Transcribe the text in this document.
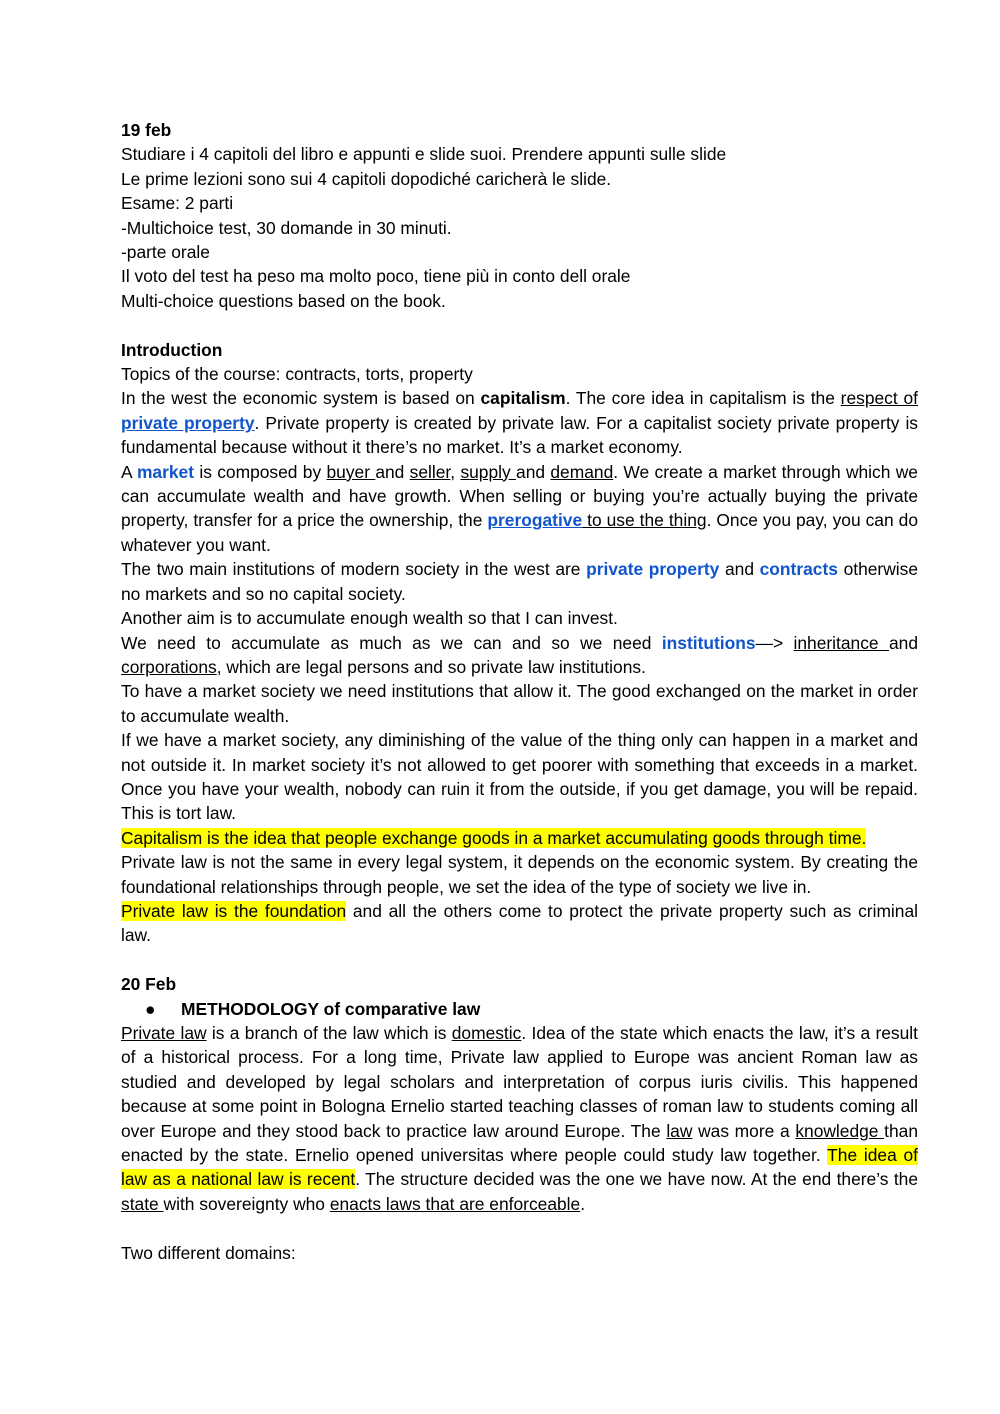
19 feb
Studiare i 4 capitoli del libro e appunti e slide suoi. Prendere appunti sulle slide
Le prime lezioni sono sui 4 capitoli dopodiché caricherà le slide.
Esame: 2 parti
-Multichoice test, 30 domande in 30 minuti.
-parte orale
Il voto del test ha peso ma molto poco, tiene più in conto dell orale
Multi-choice questions based on the book.
Introduction
Topics of the course: contracts, torts, property
In the west the economic system is based on capitalism. The core idea in capitalism is the respect of private property. Private property is created by private law. For a capitalist society private property is fundamental because without it there’s no market. It’s a market economy.
A market is composed by buyer and seller, supply and demand. We create a market through which we can accumulate wealth and have growth. When selling or buying you’re actually buying the private property, transfer for a price the ownership, the prerogative to use the thing. Once you pay, you can do whatever you want.
The two main institutions of modern society in the west are private property and contracts otherwise no markets and so no capital society.
Another aim is to accumulate enough wealth so that I can invest.
We need to accumulate as much as we can and so we need institutions—> inheritance and corporations, which are legal persons and so private law institutions.
To have a market society we need institutions that allow it. The good exchanged on the market in order to accumulate wealth.
If we have a market society, any diminishing of the value of the thing only can happen in a market and not outside it. In market society it’s not allowed to get poorer with something that exceeds in a market. Once you have your wealth, nobody can ruin it from the outside, if you get damage, you will be repaid. This is tort law.
Capitalism is the idea that people exchange goods in a market accumulating goods through time.
Private law is not the same in every legal system, it depends on the economic system. By creating the foundational relationships through people, we set the idea of the type of society we live in.
Private law is the foundation and all the others come to protect the private property such as criminal law.
20 Feb
● METHODOLOGY of comparative law
Private law is a branch of the law which is domestic. Idea of the state which enacts the law, it’s a result of a historical process. For a long time, Private law applied to Europe was ancient Roman law as studied and developed by legal scholars and interpretation of corpus iuris civilis. This happened because at some point in Bologna Ernelio started teaching classes of roman law to students coming all over Europe and they stood back to practice law around Europe. The law was more a knowledge than enacted by the state. Ernelio opened universitas where people could study law together. The idea of law as a national law is recent. The structure decided was the one we have now. At the end there’s the state with sovereignty who enacts laws that are enforceable.
Two different domains:
